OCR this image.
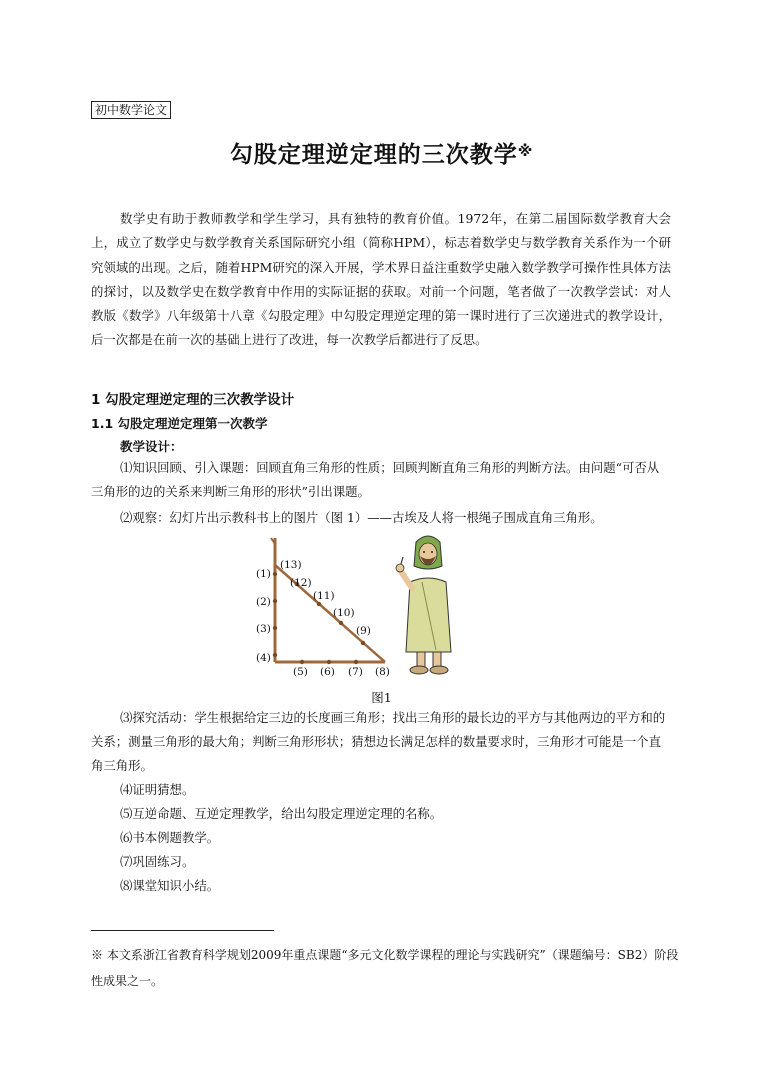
初中数学论文
勾股定理逆定理的三次教学※
数学史有助于教师教学和学生学习，具有独特的教育价值。1972年，在第二届国际数学教育大会上，成立了数学史与数学教育关系国际研究小组（简称HPM），标志着数学史与数学教育关系作为一个研究领域的出现。之后，随着HPM研究的深入开展，学术界日益注重数学史融入数学教学可操作性具体方法的探讨，以及数学史在数学教育中作用的实际证据的获取。对前一个问题，笔者做了一次教学尝试：对人教版《数学》八年级第十八章《勾股定理》中勾股定理逆定理的第一课时进行了三次递进式的教学设计，后一次都是在前一次的基础上进行了改进，每一次教学后都进行了反思。
1 勾股定理逆定理的三次教学设计
1.1 勾股定理逆定理第一次教学
教学设计：
⑴知识回顾、引入课题：回顾直角三角形的性质；回顾判断直角三角形的判断方法。由问题“可否从三角形的边的关系来判断三角形的形状”引出课题。
⑵观察：幻灯片出示教科书上的图片（图 1）——古埃及人将一根绳子围成直角三角形。
(1)
(2)
(3)
(4)
(5) (6) (7) (8)
(9)
(10)
(11)
(12)
(13)
图1
⑶探究活动：学生根据给定三边的长度画三角形；找出三角形的最长边的平方与其他两边的平方和的关系；测量三角形的最大角；判断三角形形状；猜想边长满足怎样的数量要求时，三角形才可能是一个直角三角形。
⑷证明猜想。
⑸互逆命题、互逆定理教学，给出勾股定理逆定理的名称。
⑹书本例题教学。
⑺巩固练习。
⑻课堂知识小结。
※ 本文系浙江省教育科学规划2009年重点课题“多元文化数学课程的理论与实践研究”（课题编号：SB2）阶段性成果之一。
